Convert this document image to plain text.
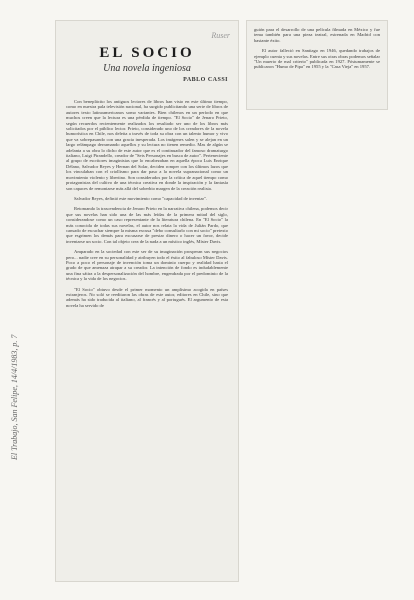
Ruser
EL SOCIO
Una novela ingeniosa
PABLO CASSI

Con beneplácito los antiguos lectores de libros han visto en este último tiempo, como en nuestra pala televisión nacional, ha surgido publicitando una serie de libros de autores texto latinoamericanos somo variantes. Bien chilenos en un período en que muchos creen que la lectura es una pérdida de tiempo. "El Socio" de Jenaro Prieto, según recuerdos recientemente realizados los resultado ser uno de los libros más solicitados por el público lector. Prieto, considerado uno de los creadores de la novela humorística en Chile, nos deleita a través de toda su obra con un talento humor y vivo que va sobrepasando con una gracia inesperada. Los imágenes salen y se alejan en un largo relámpago derramando aquellos y su lectura no tienen remedio. Mas de algún se adelanta a su obra lo dicho de este autor que es el continuador del famoso dramaturgo italiano, Luigi Pirandello, creador de "Seis Personajes en busca de autor". Perteneciente al grupo de escritores imaginistas que lo encabezaban en aquella época Luis Enrique Délano, Salvador Reyes y Hernan del Solar, deciden romper con los últimos lazos que los vinculaban con el criollismo para dar paso a la novela supranacional como un movimiento violento y libertino. Son considerados por la crítica de aquel tiempo como protagonistas del cultivo de una técnica creativa en donde la inspiración y la fantasía son capaces de remontarse más allá del soberbio margen de la creación realista.

Salvador Reyes, definió este movimiento como "capacidad de inventar".

Retomando la trascendencia de Jenaro Prieto en la narrativa chilena, podemos decir que sus novelas han sido una de las más leídas de la primera mitad del siglo, considerandose como un caso representante de la literatura chilena. En "El Socio" la más conocida de todas sus novelas, el autor nos relata la vida de Julián Pardo, que cansado de escuchar siempre la misma excusa "debo consultarlo con mi socio" pretexto que esgrimen los demás para excusarse de prestar dinero o hacer un favor, decide inventarse un socio. Con tal objeto crea de la nada a un místico inglés, Míster Davis.

Amparado en la sociedad con este ser de su imaginación prosperan sus negocios pero... nadie cree en su personalidad y atribuyen todo el éxito al fabuloso Míster Davis. Poco a poco el personaje de invención toma un dominio cuerpo y realidad hasta el grado de que amenaza atrapar a su creador. La intención de fondo es indudablemente una fina sátira a la despersonalización del hombre, engendrada por el predominio de la técnica y la vida de los negocios.

"El Socio" obtuvo desde el primer momento un amplisimo acogida en países extranjeros. No soló se reeditaron las obras de este autor, editores en Chile, sino que además ha sido traducida al italiano, al francés y al portugués. El argumento de esta novela ha servido de

guión para el desarrollo de una película filmada en México y fue tema también para una pieza teatral, estrenada en Madrid con bastante éxito.

El autor falleció en Santiago en 1946, quedando trabajos de ejemplo cuenta y sus novelas. Entre sus otras obras podemos señalar "Un muerto de mal criterio" publicada en 1927. Póstumamente se publicaron "Humo de Pipa" en 1955 y la "Casa Vieja" en 1957.

El Trabajo, San Felipe, 14/4/1983, p. 7
